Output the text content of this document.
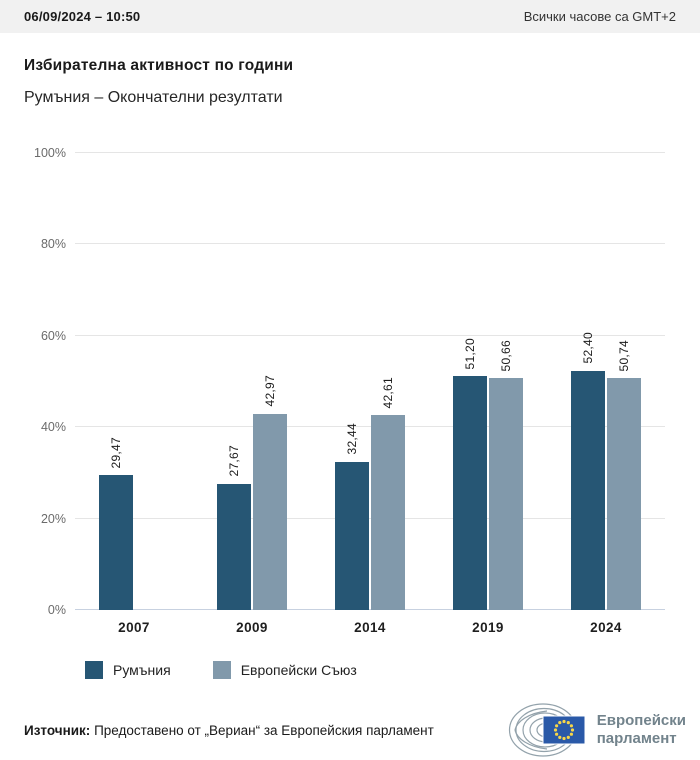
06/09/2024 – 10:50	Всички часове са GMT+2
Избирателна активност по години
Румъния – Окончателни резултати
0%
20%
40%
60%
80%
100%
29,47	27,67
42,97
32,44
42,61
51,20 50,66	52,40 50,74
2007	2009	2014	2019	2024
Румъния	Европейски Съюз
Източник: Предоставено от „Вериан“ за Европейския парламент
Европейски
парламент
